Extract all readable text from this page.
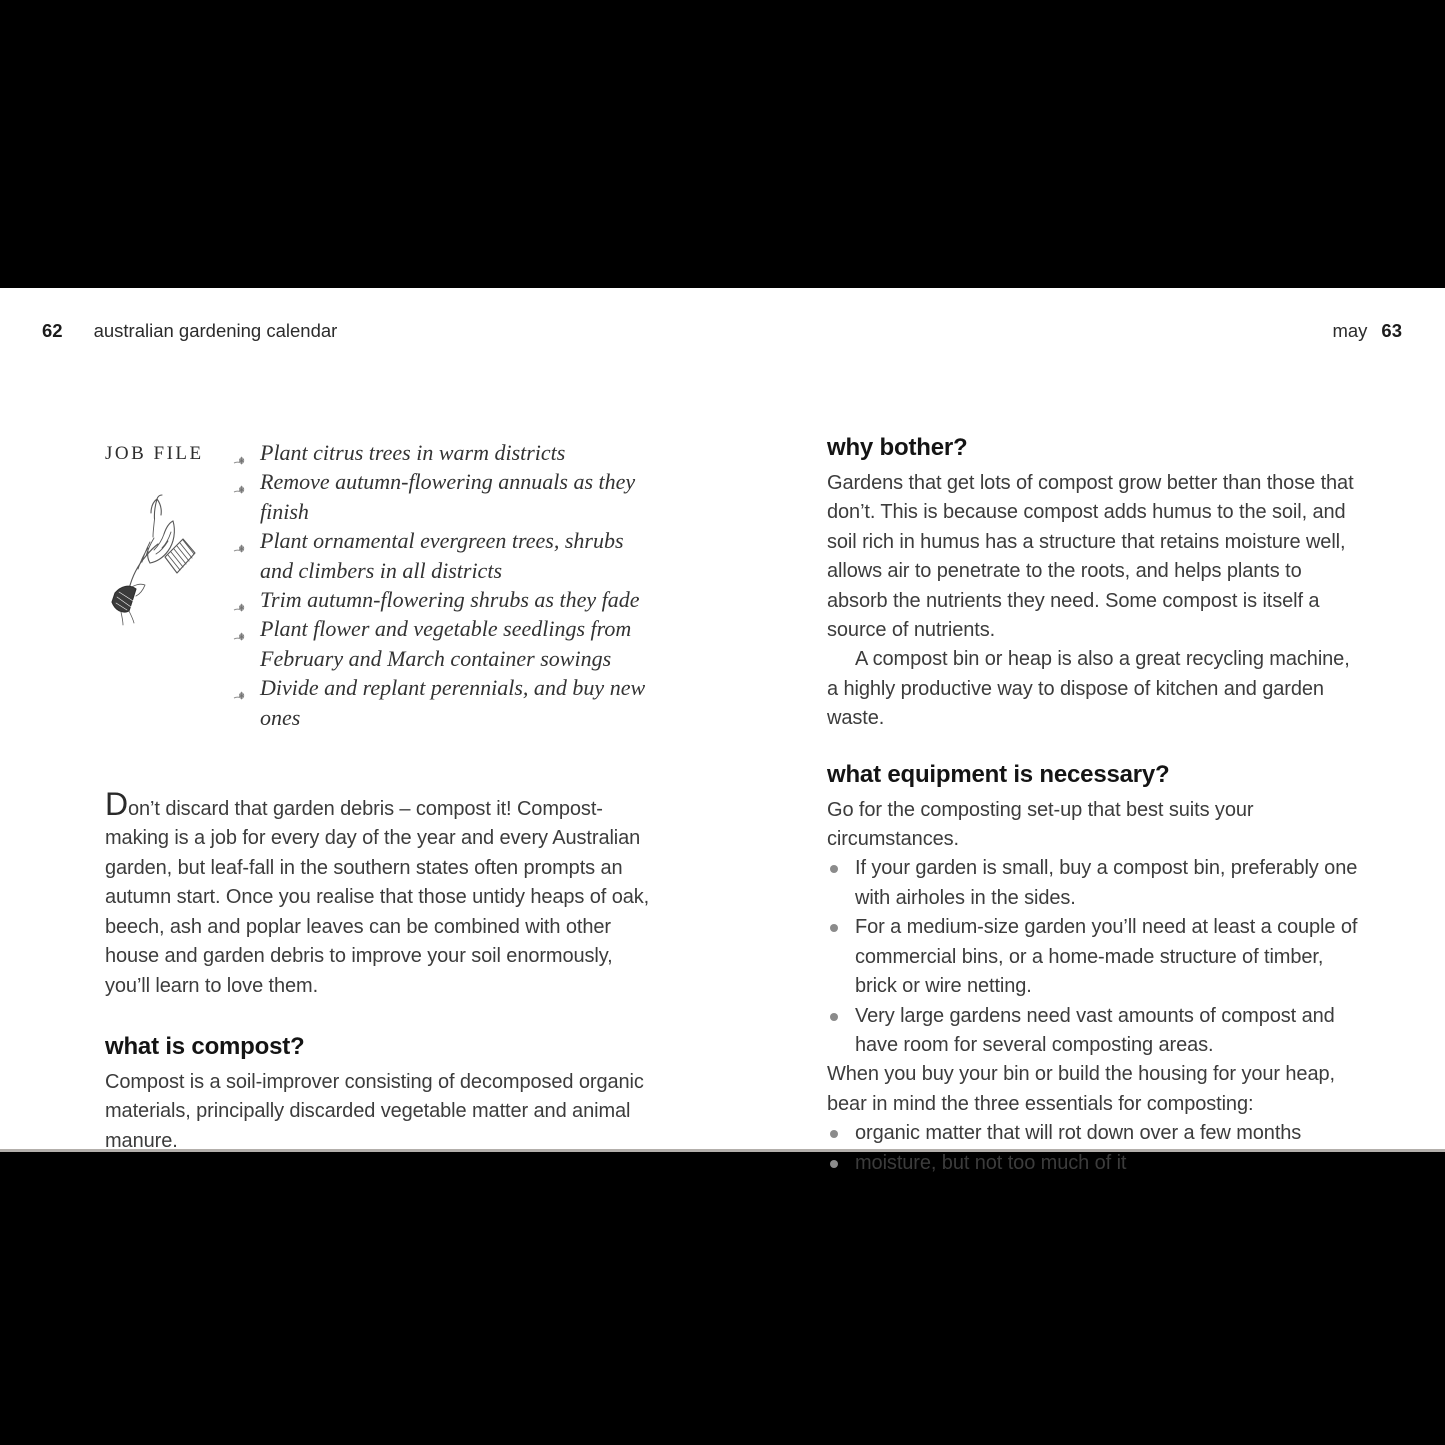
62 australian gardening calendar	may 63
JOB FILE	Plant citrus trees in warm districts
Remove autumn-flowering annuals as they finish
Plant ornamental evergreen trees, shrubs and climbers in all districts
Trim autumn-flowering shrubs as they fade
Plant flower and vegetable seedlings from February and March container sowings
Divide and replant perennials, and buy new ones

Don’t discard that garden debris – compost it! Compost-making is a job for every day of the year and every Australian garden, but leaf-fall in the southern states often prompts an autumn start. Once you realise that those untidy heaps of oak, beech, ash and poplar leaves can be combined with other house and garden debris to improve your soil enormously, you’ll learn to love them.

what is compost?

Compost is a soil-improver consisting of decomposed organic materials, principally discarded vegetable matter and animal manure.

why bother?

Gardens that get lots of compost grow better than those that don’t. This is because compost adds humus to the soil, and soil rich in humus has a structure that retains moisture well, allows air to penetrate to the roots, and helps plants to absorb the nutrients they need. Some compost is itself a source of nutrients.

A compost bin or heap is also a great recycling machine, a highly productive way to dispose of kitchen and garden waste.

what equipment is necessary?

Go for the composting set-up that best suits your circumstances.

If your garden is small, buy a compost bin, preferably one with airholes in the sides.
For a medium-size garden you’ll need at least a couple of commercial bins, or a home-made structure of timber, brick or wire netting.
Very large gardens need vast amounts of compost and have room for several composting areas.

When you buy your bin or build the housing for your heap, bear in mind the three essentials for composting:

organic matter that will rot down over a few months
moisture, but not too much of it
